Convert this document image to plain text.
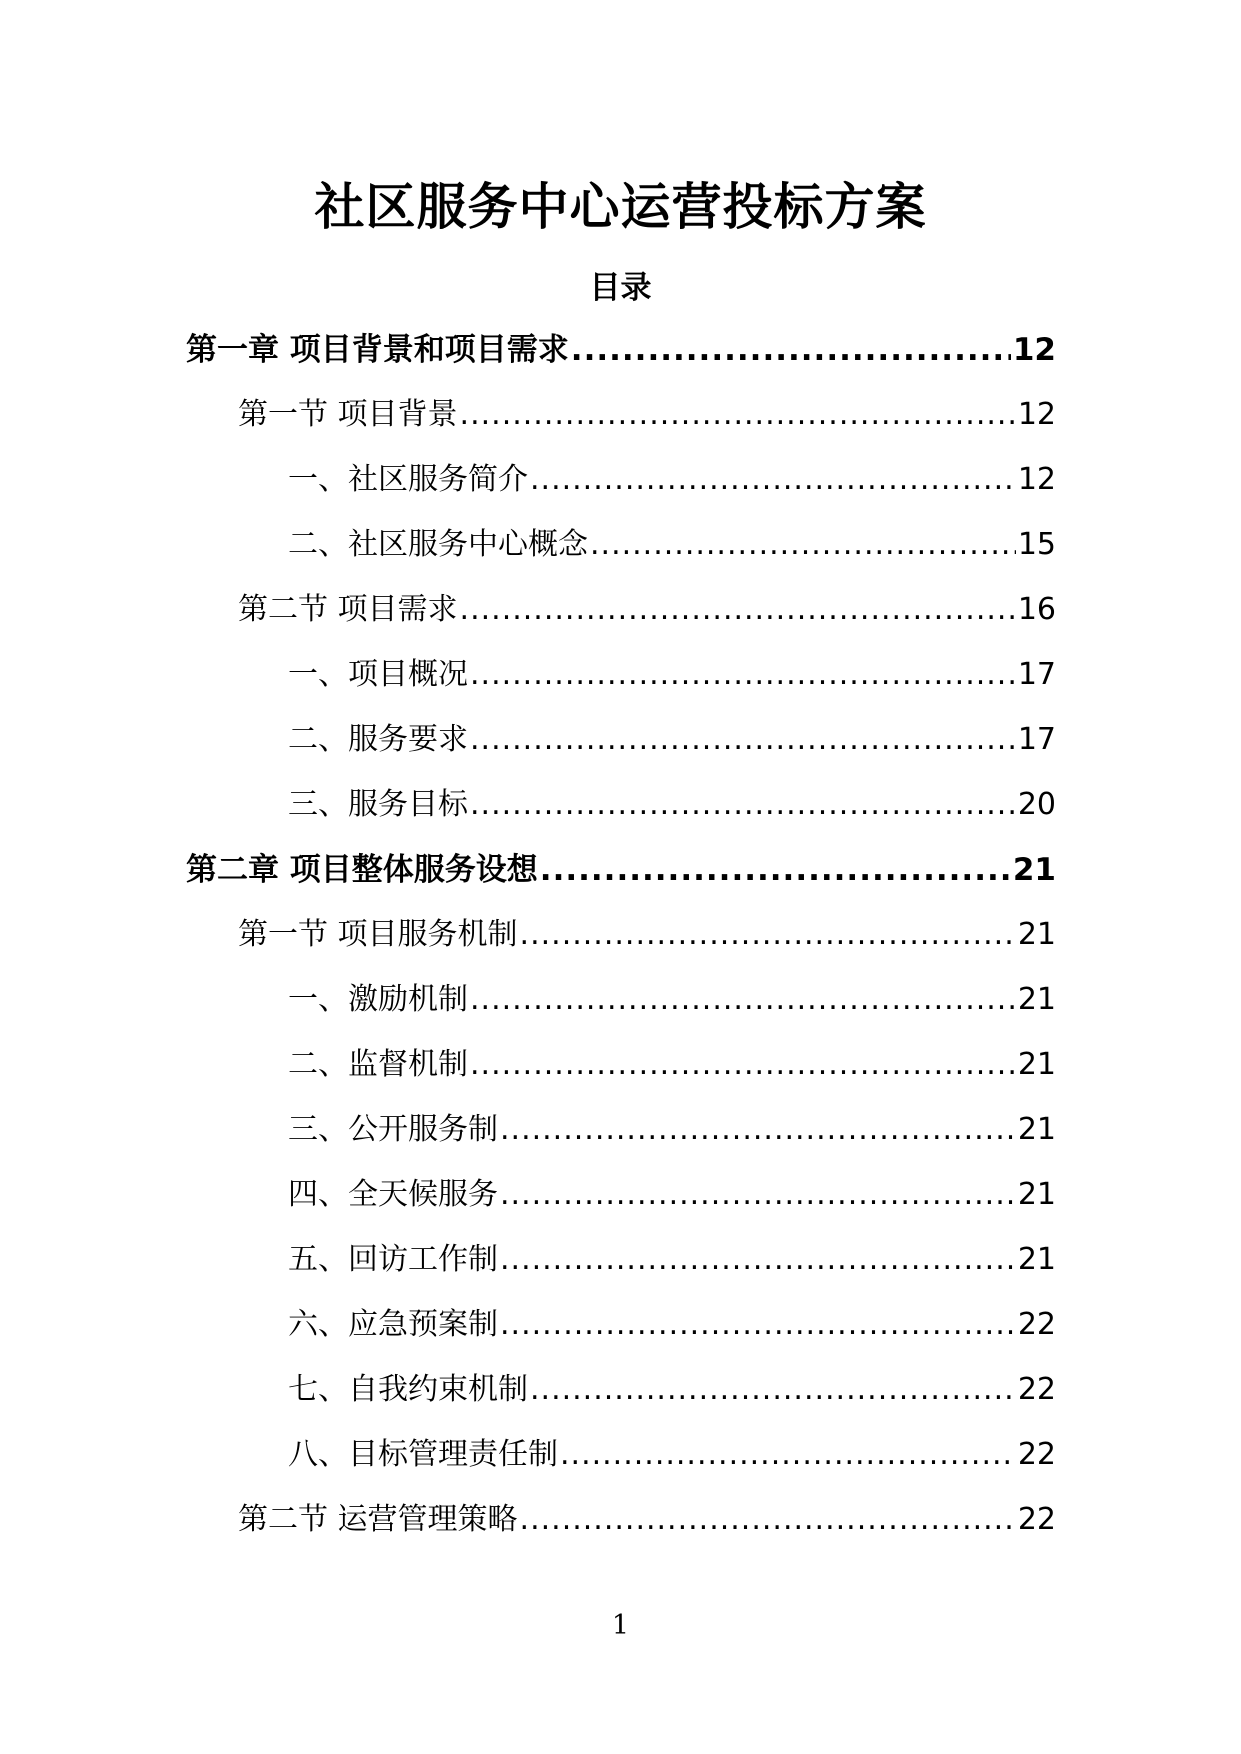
社区服务中心运营投标方案
目录
第一章 项目背景和项目需求 .....	12
第一节 项目背景 .....	12
一、社区服务简介 .....	12
二、社区服务中心概念 .....	15
第二节 项目需求 .....	16
一、项目概况 .....	17
二、服务要求 .....	17
三、服务目标 .....	20
第二章 项目整体服务设想 .....	21
第一节 项目服务机制 .....	21
一、激励机制 .....	21
二、监督机制 .....	21
三、公开服务制 .....	21
四、全天候服务 .....	21
五、回访工作制 .....	21
六、应急预案制 .....	22
七、自我约束机制 .....	22
八、目标管理责任制 .....	22
第二节 运营管理策略 .....	22
1
